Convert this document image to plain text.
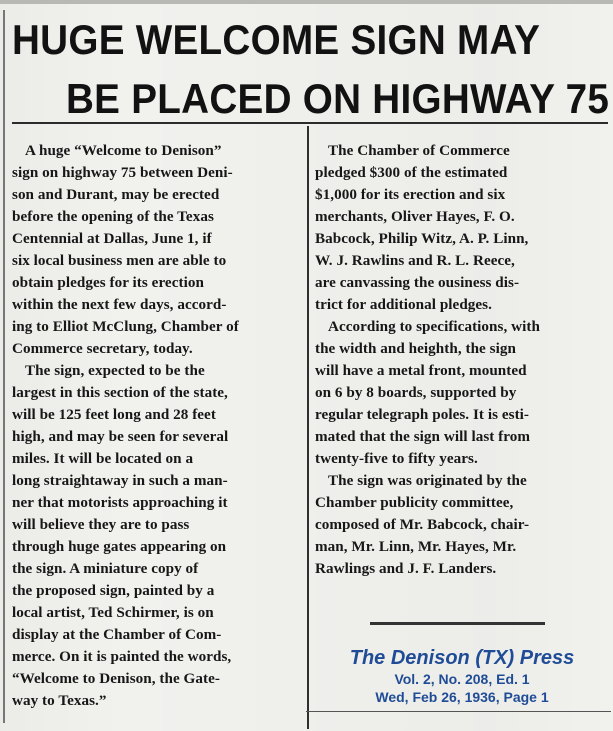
HUGE WELCOME SIGN MAY
BE PLACED ON HIGHWAY 75
A huge “Welcome to Denison”
sign on highway 75 between Deni-
son and Durant, may be erected
before the opening of the Texas
Centennial at Dallas, June 1, if
six local business men are able to
obtain pledges for its erection
within the next few days, accord-
ing to Elliot McClung, Chamber of
Commerce secretary, today.
The sign, expected to be the
largest in this section of the state,
will be 125 feet long and 28 feet
high, and may be seen for several
miles. It will be located on a
long straightaway in such a man-
ner that motorists approaching it
will believe they are to pass
through huge gates appearing on
the sign. A miniature copy of
the proposed sign, painted by a
local artist, Ted Schirmer, is on
display at the Chamber of Com-
merce. On it is painted the words,
“Welcome to Denison, the Gate-
way to Texas.”
The Chamber of Commerce
pledged $300 of the estimated
$1,000 for its erection and six
merchants, Oliver Hayes, F. O.
Babcock, Philip Witz, A. P. Linn,
W. J. Rawlins and R. L. Reece,
are canvassing the ousiness dis-
trict for additional pledges.
According to specifications, with
the width and heighth, the sign
will have a metal front, mounted
on 6 by 8 boards, supported by
regular telegraph poles. It is esti-
mated that the sign will last from
twenty-five to fifty years.
The sign was originated by the
Chamber publicity committee,
composed of Mr. Babcock, chair-
man, Mr. Linn, Mr. Hayes, Mr.
Rawlings and J. F. Landers.
The Denison (TX) Press
Vol. 2, No. 208, Ed. 1
Wed, Feb 26, 1936, Page 1
